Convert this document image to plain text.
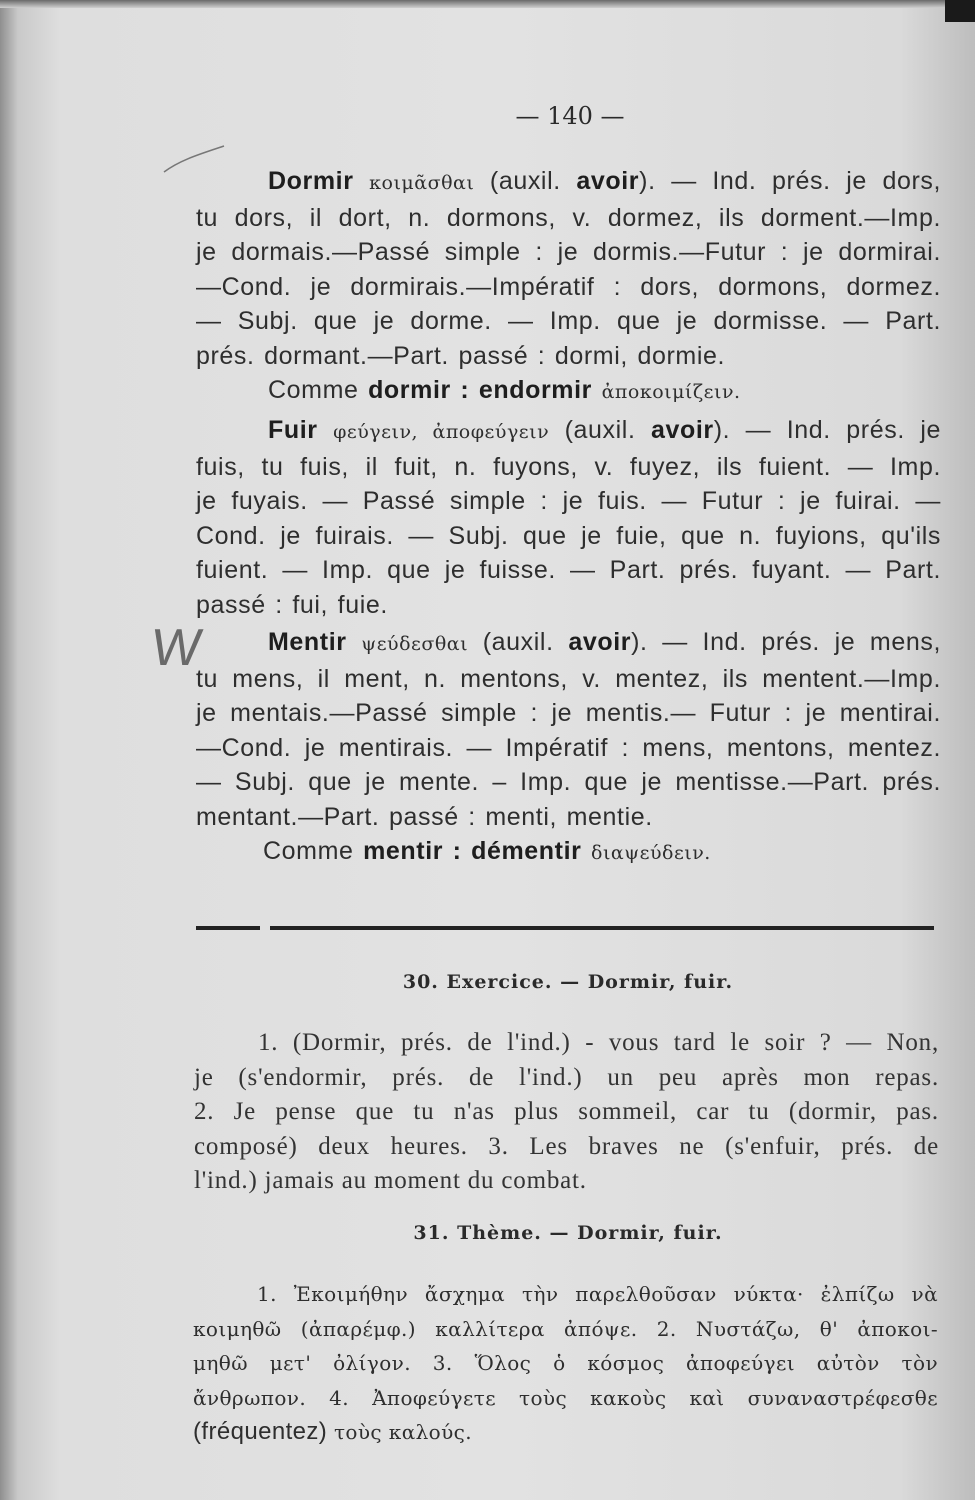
— 140 —
Dormir κοιμᾶσθαι (auxil. avoir). — Ind. prés. je dors,
tu dors, il dort, n. dormons, v. dormez, ils dorment.—Imp.
je dormais.—Passé simple : je dormis.—Futur : je dormirai.
—Cond. je dormirais.—Impératif : dors, dormons, dormez.
— Subj. que je dorme. — Imp. que je dormisse. — Part.
prés. dormant.—Part. passé : dormi, dormie.
Comme dormir : endormir ἀποκοιμίζειν.
Fuir φεύγειν, ἀποφεύγειν (auxil. avoir). — Ind. prés. je
fuis, tu fuis, il fuit, n. fuyons, v. fuyez, ils fuient. — Imp.
je fuyais. — Passé simple : je fuis. — Futur : je fuirai. —
Cond. je fuirais. — Subj. que je fuie, que n. fuyions, qu'ils
fuient. — Imp. que je fuisse. — Part. prés. fuyant. — Part.
passé : fui, fuie.
W	Mentir ψεύδεσθαι (auxil. avoir). — Ind. prés. je mens,
tu mens, il ment, n. mentons, v. mentez, ils mentent.—Imp.
je mentais.—Passé simple : je mentis.— Futur : je mentirai.
—Cond. je mentirais. — Impératif : mens, mentons, mentez.
— Subj. que je mente. – Imp. que je mentisse.—Part. prés.
mentant.—Part. passé : menti, mentie.
Comme mentir : démentir διαψεύδειν.
30. Exercice. — Dormir, fuir.
1. (Dormir, prés. de l'ind.) - vous tard le soir ? — Non,
je (s'endormir, prés. de l'ind.) un peu après mon repas.
2. Je pense que tu n'as plus sommeil, car tu (dormir, pas.
composé) deux heures. 3. Les braves ne (s'enfuir, prés. de
l'ind.) jamais au moment du combat.
31. Thème. — Dormir, fuir.
1. Ἐκοιμήθην ἄσχημα τὴν παρελθοῦσαν νύκτα· ἐλπίζω νὰ
κοιμηθῶ (ἀπαρέμφ.) καλλίτερα ἀπόψε. 2. Νυστάζω, θ' ἀποκοι-
μηθῶ μετ' ὀλίγον. 3. Ὅλος ὁ κόσμος ἀποφεύγει αὐτὸν τὸν
ἄνθρωπον. 4. Ἀποφεύγετε τοὺς κακοὺς καὶ συναναστρέφεσθε
(fréquentez) τοὺς καλούς.
